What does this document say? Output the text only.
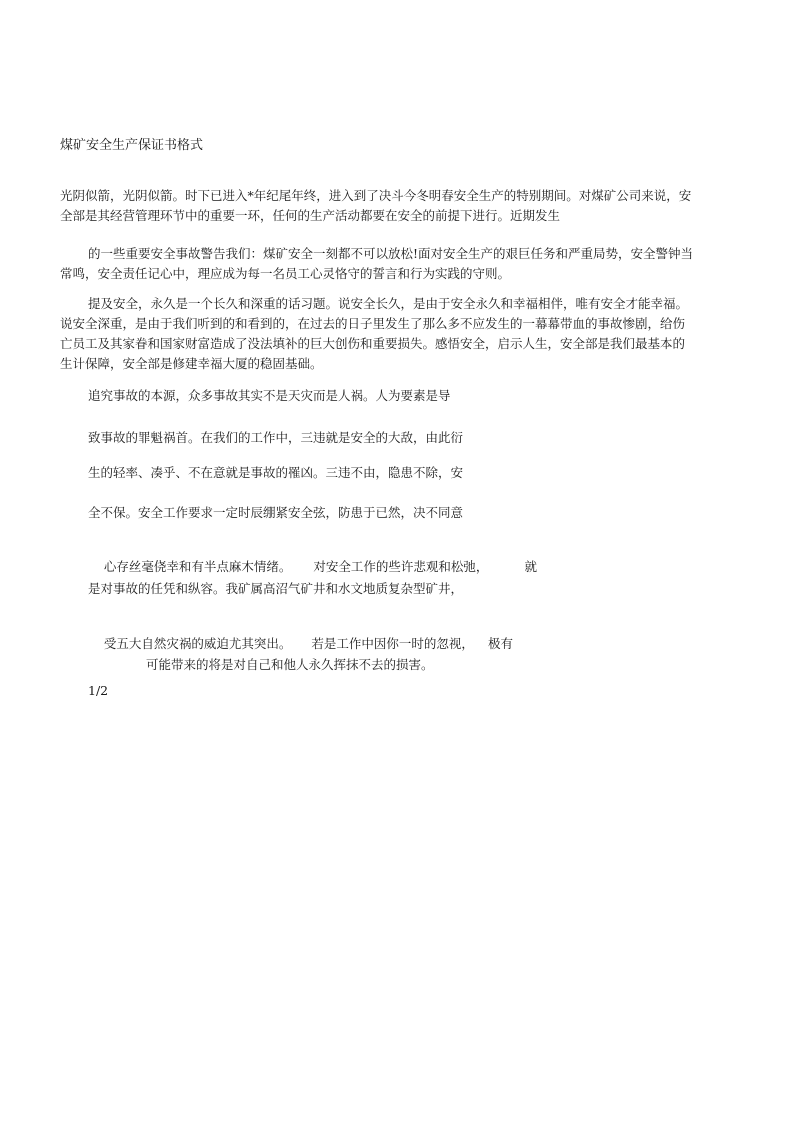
煤矿安全生产保证书格式
光阴似箭，光阴似箭。时下已进入*年纪尾年终，进入到了决斗今冬明春安全生产的特别期间。对煤矿公司来说，安
全部是其经营管理环节中的重要一环，任何的生产活动都要在安全的前提下进行。近期发生
的一些重要安全事故警告我们：煤矿安全一刻都不可以放松!面对安全生产的艰巨任务和严重局势，安全警钟当
常鸣，安全责任记心中，理应成为每一名员工心灵恪守的誓言和行为实践的守则。
提及安全，永久是一个长久和深重的话习题。说安全长久，是由于安全永久和幸福相伴，唯有安全才能幸福。
说安全深重，是由于我们听到的和看到的，在过去的日子里发生了那么多不应发生的一幕幕带血的事故惨剧，给伤
亡员工及其家眷和国家财富造成了没法填补的巨大创伤和重要损失。感悟安全，启示人生，安全部是我们最基本的
生计保障，安全部是修建幸福大厦的稳固基础。
追究事故的本源，众多事故其实不是天灾而是人祸。人为要素是导
致事故的罪魁祸首。在我们的工作中，三违就是安全的大敌，由此衍
生的轻率、凑乎、不在意就是事故的罹凶。三违不由，隐患不除，安
全不保。安全工作要求一定时辰绷紧安全弦，防患于已然，决不同意

心存丝毫侥幸和有半点麻木情绪。 对安全工作的些许悲观和松弛，	就

是对事故的任凭和纵容。我矿属高沼气矿井和水文地质复杂型矿井，

受五大自然灾祸的威迫尤其突出。 若是工作中因你一时的忽视， 极有

可能带来的将是对自己和他人永久挥抹不去的损害。
1/2
